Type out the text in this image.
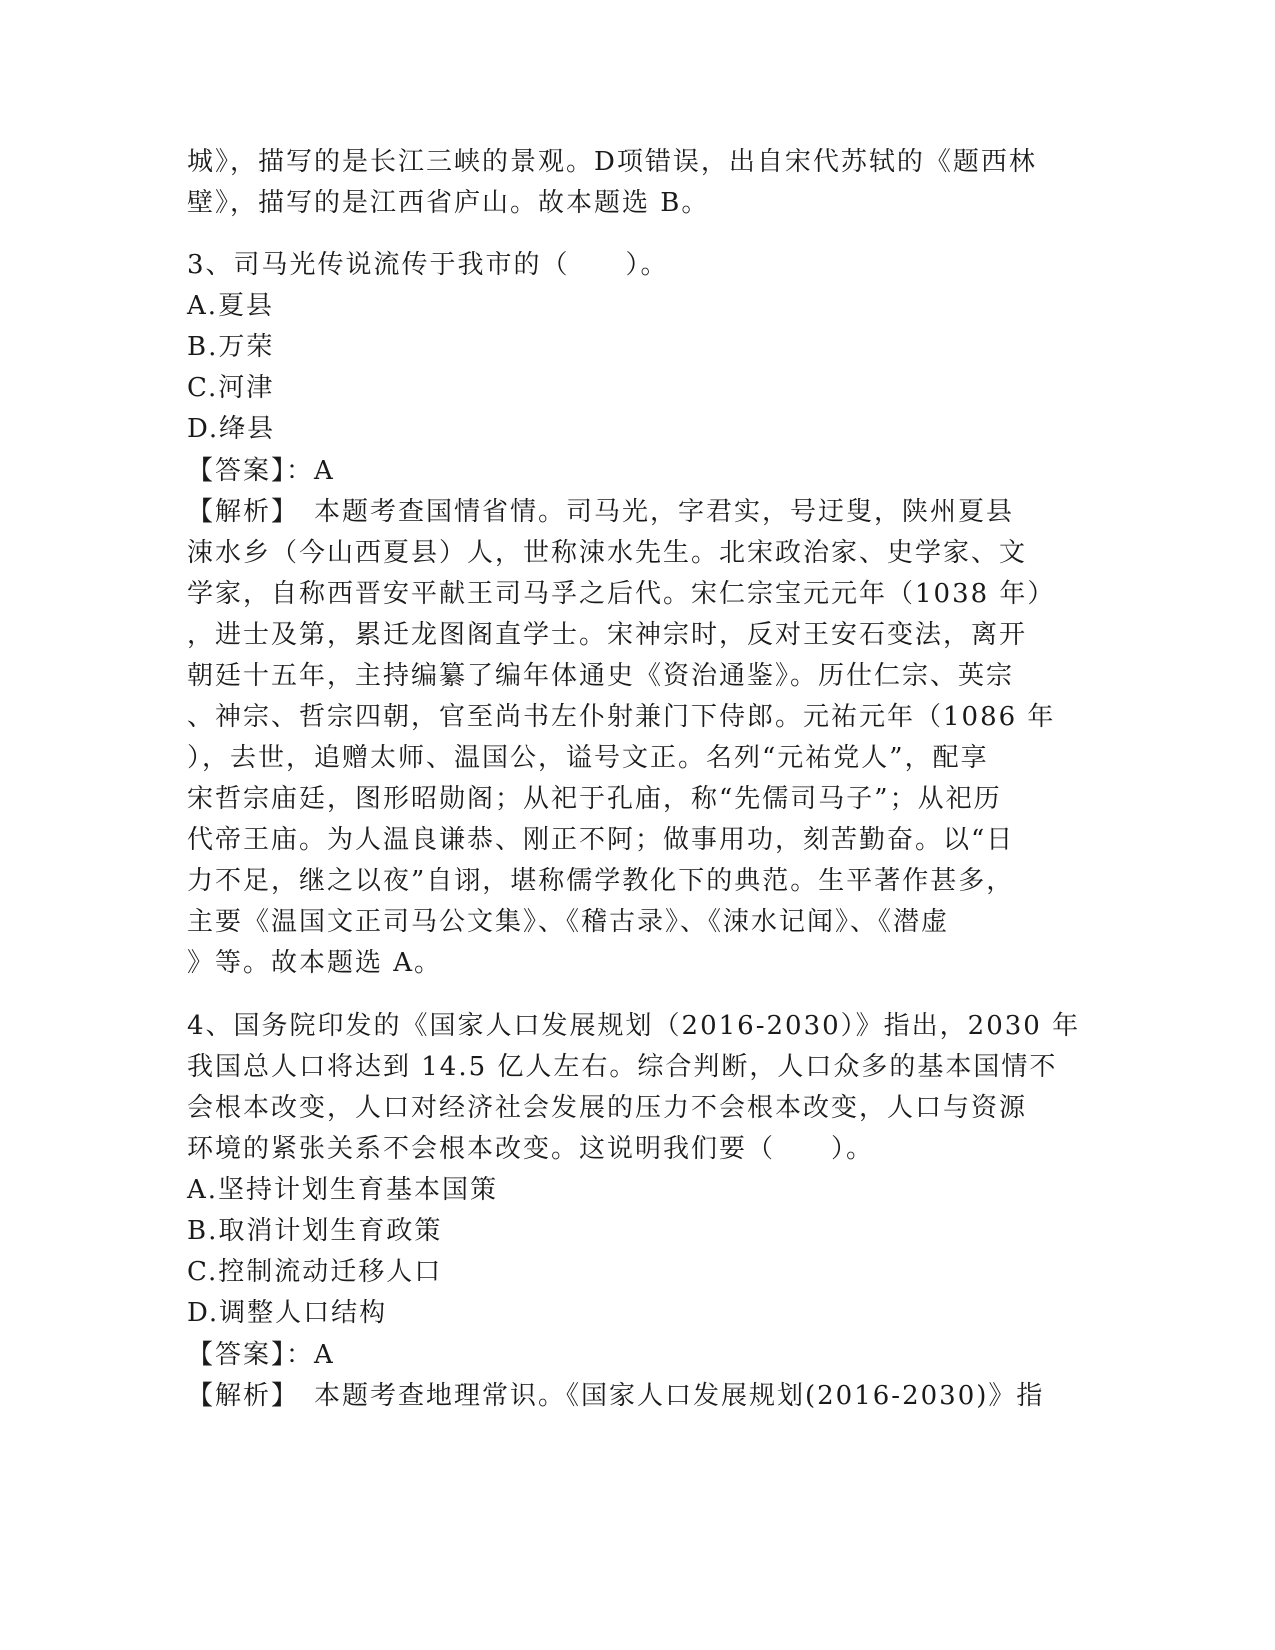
城》，描写的是长江三峡的景观。D项错误，出自宋代苏轼的《题西林
壁》，描写的是江西省庐山。故本题选 B。
3、司马光传说流传于我市的（　　）。
A.夏县
B.万荣
C.河津
D.绛县
【答案】：A
【解析】　本题考查国情省情。司马光，字君实，号迂叟，陕州夏县
涑水乡（今山西夏县）人，世称涑水先生。北宋政治家、史学家、文
学家，自称西晋安平献王司马孚之后代。宋仁宗宝元元年（1038 年）
，进士及第，累迁龙图阁直学士。宋神宗时，反对王安石变法，离开
朝廷十五年，主持编纂了编年体通史《资治通鉴》。历仕仁宗、英宗
、神宗、哲宗四朝，官至尚书左仆射兼门下侍郎。元祐元年（1086 年
），去世，追赠太师、温国公，谥号文正。名列“元祐党人”，配享
宋哲宗庙廷，图形昭勋阁；从祀于孔庙，称“先儒司马子”；从祀历
代帝王庙。为人温良谦恭、刚正不阿；做事用功，刻苦勤奋。以“日
力不足，继之以夜”自诩，堪称儒学教化下的典范。生平著作甚多，
主要《温国文正司马公文集》、《稽古录》、《涑水记闻》、《潜虚
》等。故本题选 A。
4、国务院印发的《国家人口发展规划（2016-2030）》指出，2030 年
我国总人口将达到 14.5 亿人左右。综合判断，人口众多的基本国情不
会根本改变，人口对经济社会发展的压力不会根本改变，人口与资源
环境的紧张关系不会根本改变。这说明我们要（　　）。
A.坚持计划生育基本国策
B.取消计划生育政策
C.控制流动迁移人口
D.调整人口结构
【答案】：A
【解析】　本题考查地理常识。《国家人口发展规划(2016-2030)》指
